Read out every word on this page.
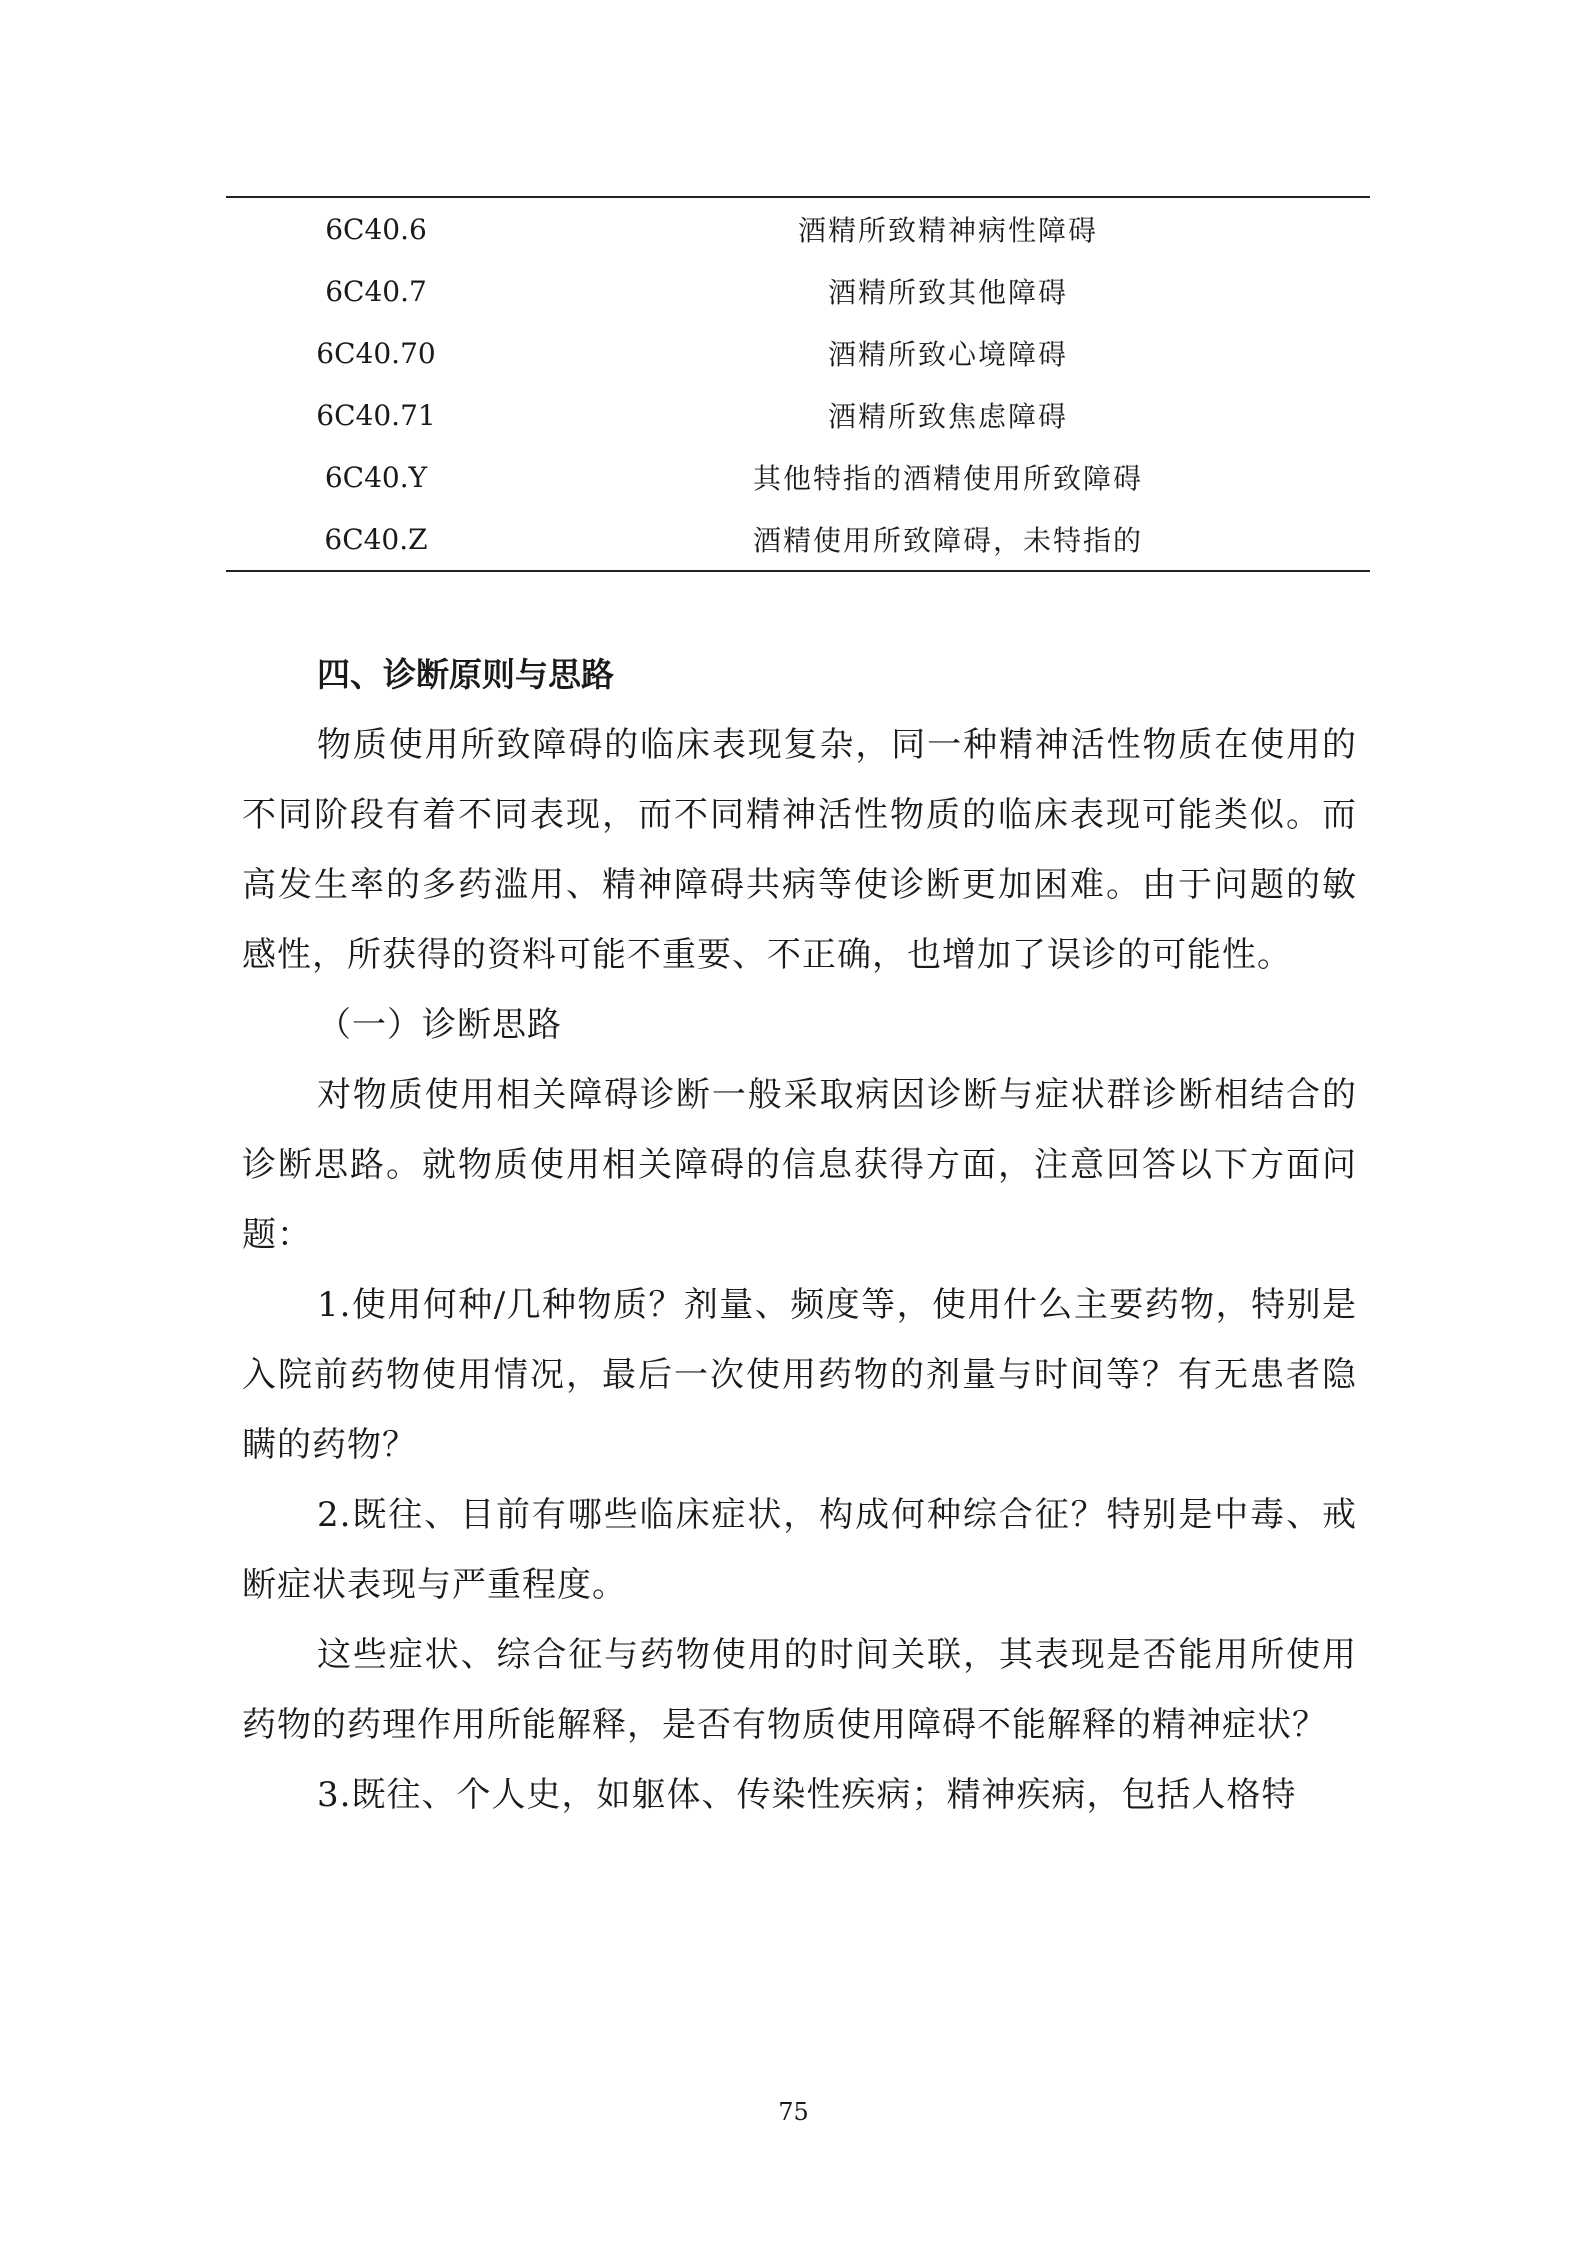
6C40.6	酒精所致精神病性障碍
6C40.7	酒精所致其他障碍
6C40.70	酒精所致心境障碍
6C40.71	酒精所致焦虑障碍
6C40.Y	其他特指的酒精使用所致障碍
6C40.Z	酒精使用所致障碍，未特指的
四、诊断原则与思路

物质使用所致障碍的临床表现复杂，同一种精神活性物质在使用的不同阶段有着不同表现，而不同精神活性物质的临床表现可能类似。而高发生率的多药滥用、精神障碍共病等使诊断更加困难。由于问题的敏感性，所获得的资料可能不重要、不正确，也增加了误诊的可能性。

（一）诊断思路

对物质使用相关障碍诊断一般采取病因诊断与症状群诊断相结合的诊断思路。就物质使用相关障碍的信息获得方面，注意回答以下方面问题：

1.使用何种/几种物质？剂量、频度等，使用什么主要药物，特别是入院前药物使用情况，最后一次使用药物的剂量与时间等？有无患者隐瞒的药物？

2.既往、目前有哪些临床症状，构成何种综合征？特别是中毒、戒断症状表现与严重程度。

这些症状、综合征与药物使用的时间关联，其表现是否能用所使用药物的药理作用所能解释，是否有物质使用障碍不能解释的精神症状？

3.既往、个人史，如躯体、传染性疾病；精神疾病，包括人格特

75
